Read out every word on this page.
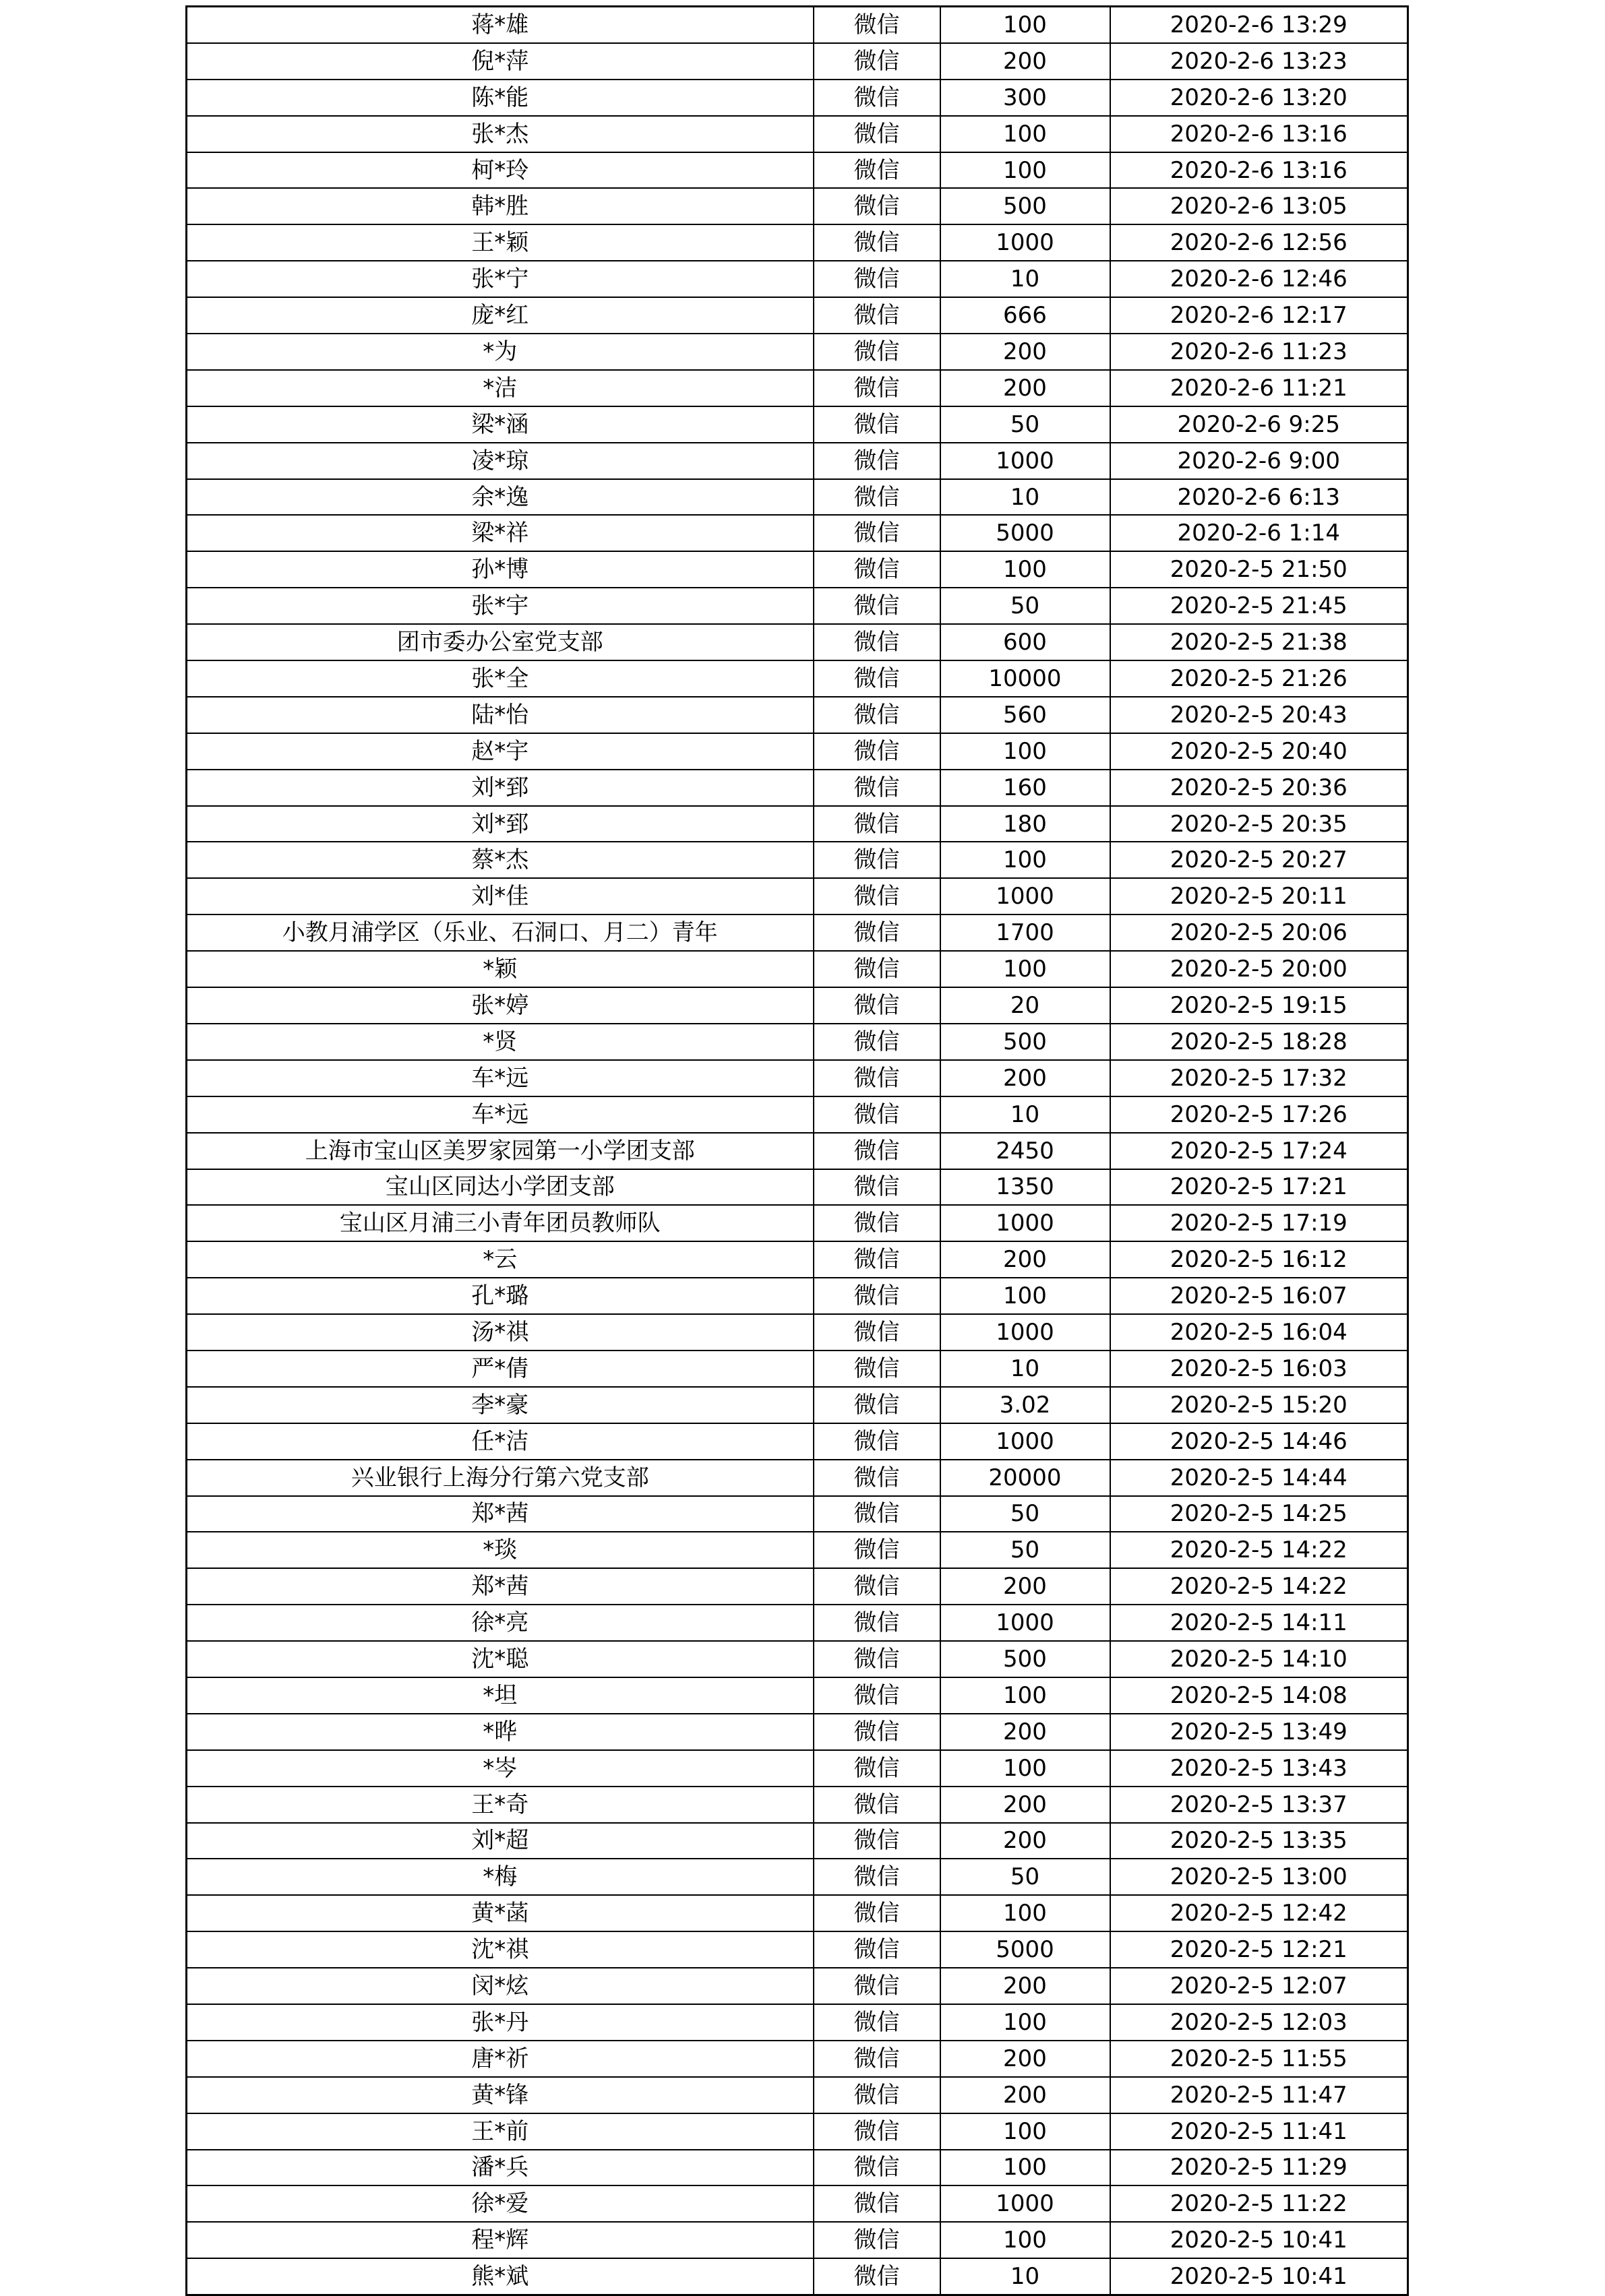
蒋*雄	微信	100	2020-2-6 13:29
倪*萍	微信	200	2020-2-6 13:23
陈*能	微信	300	2020-2-6 13:20
张*杰	微信	100	2020-2-6 13:16
柯*玲	微信	100	2020-2-6 13:16
韩*胜	微信	500	2020-2-6 13:05
王*颖	微信	1000	2020-2-6 12:56
张*宁	微信	10	2020-2-6 12:46
庞*红	微信	666	2020-2-6 12:17
*为	微信	200	2020-2-6 11:23
*洁	微信	200	2020-2-6 11:21
梁*涵	微信	50	2020-2-6 9:25
凌*琼	微信	1000	2020-2-6 9:00
余*逸	微信	10	2020-2-6 6:13
梁*祥	微信	5000	2020-2-6 1:14
孙*博	微信	100	2020-2-5 21:50
张*宇	微信	50	2020-2-5 21:45
团市委办公室党支部	微信	600	2020-2-5 21:38
张*全	微信	10000	2020-2-5 21:26
陆*怡	微信	560	2020-2-5 20:43
赵*宇	微信	100	2020-2-5 20:40
刘*郅	微信	160	2020-2-5 20:36
刘*郅	微信	180	2020-2-5 20:35
蔡*杰	微信	100	2020-2-5 20:27
刘*佳	微信	1000	2020-2-5 20:11
小教月浦学区（乐业、石洞口、月二）青年	微信	1700	2020-2-5 20:06
*颖	微信	100	2020-2-5 20:00
张*婷	微信	20	2020-2-5 19:15
*贤	微信	500	2020-2-5 18:28
车*远	微信	200	2020-2-5 17:32
车*远	微信	10	2020-2-5 17:26
上海市宝山区美罗家园第一小学团支部	微信	2450	2020-2-5 17:24
宝山区同达小学团支部	微信	1350	2020-2-5 17:21
宝山区月浦三小青年团员教师队	微信	1000	2020-2-5 17:19
*云	微信	200	2020-2-5 16:12
孔*璐	微信	100	2020-2-5 16:07
汤*祺	微信	1000	2020-2-5 16:04
严*倩	微信	10	2020-2-5 16:03
李*豪	微信	3.02	2020-2-5 15:20
任*洁	微信	1000	2020-2-5 14:46
兴业银行上海分行第六党支部	微信	20000	2020-2-5 14:44
郑*茜	微信	50	2020-2-5 14:25
*琰	微信	50	2020-2-5 14:22
郑*茜	微信	200	2020-2-5 14:22
徐*亮	微信	1000	2020-2-5 14:11
沈*聪	微信	500	2020-2-5 14:10
*坦	微信	100	2020-2-5 14:08
*晔	微信	200	2020-2-5 13:49
*岑	微信	100	2020-2-5 13:43
王*奇	微信	200	2020-2-5 13:37
刘*超	微信	200	2020-2-5 13:35
*梅	微信	50	2020-2-5 13:00
黄*菡	微信	100	2020-2-5 12:42
沈*祺	微信	5000	2020-2-5 12:21
闵*炫	微信	200	2020-2-5 12:07
张*丹	微信	100	2020-2-5 12:03
唐*祈	微信	200	2020-2-5 11:55
黄*锋	微信	200	2020-2-5 11:47
王*前	微信	100	2020-2-5 11:41
潘*兵	微信	100	2020-2-5 11:29
徐*爱	微信	1000	2020-2-5 11:22
程*辉	微信	100	2020-2-5 10:41
熊*斌	微信	10	2020-2-5 10:41
